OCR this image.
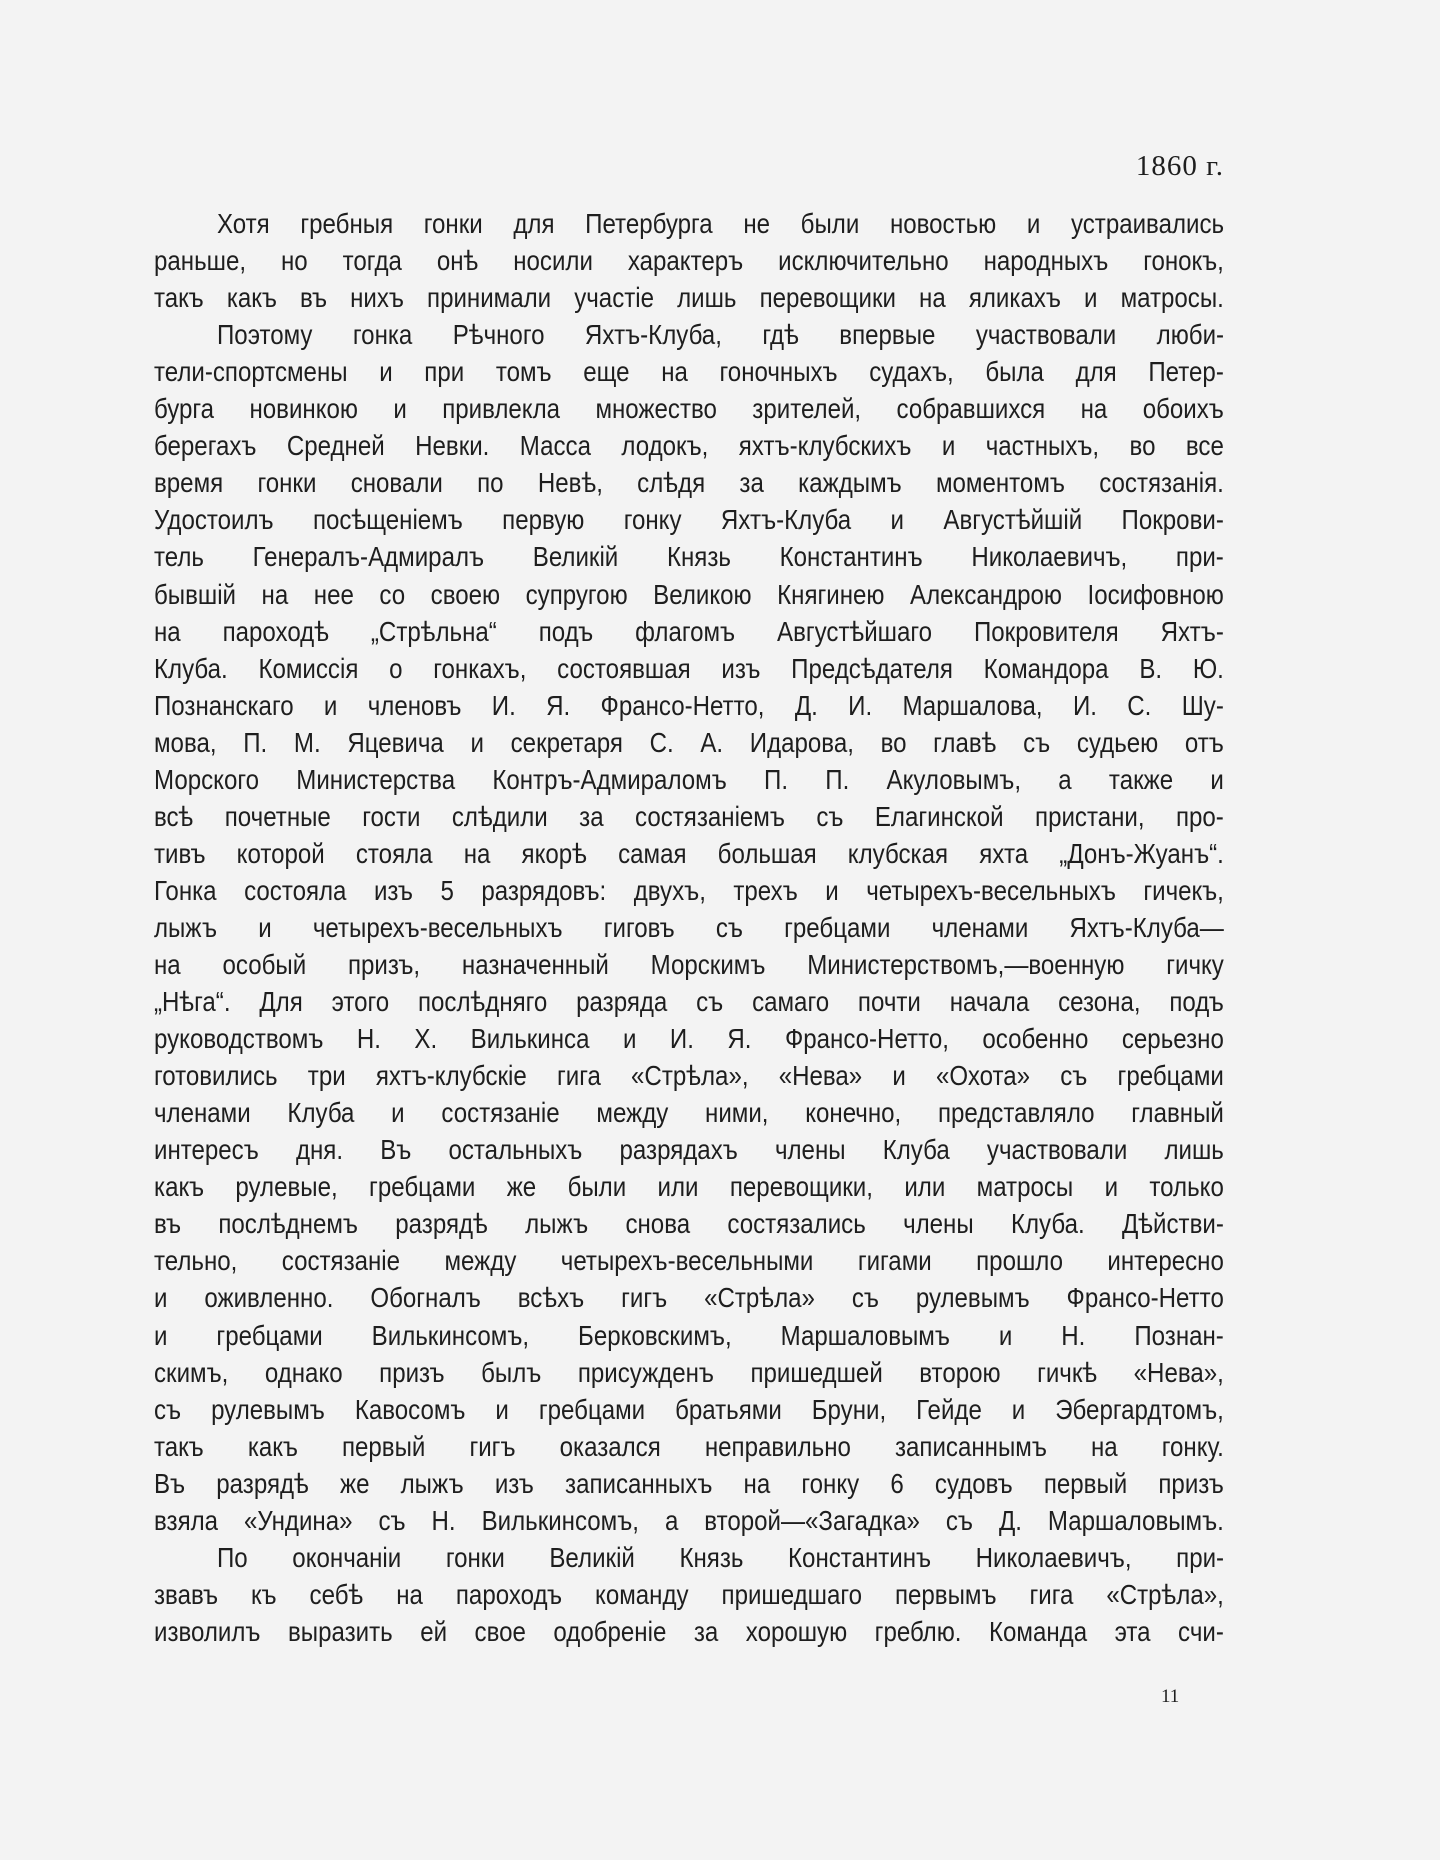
1860 г.
Хотя гребныя гонки для Петербурга не были новостью и устраивались
раньше, но тогда онѣ носили характеръ исключительно народныхъ гонокъ,
такъ какъ въ нихъ принимали участіе лишь перевощики на яликахъ и матросы.
Поэтому гонка Рѣчного Яхтъ-Клуба, гдѣ впервые участвовали люби-
тели-спортсмены и при томъ еще на гоночныхъ судахъ, была для Петер-
бурга новинкою и привлекла множество зрителей, собравшихся на обоихъ
берегахъ Средней Невки. Масса лодокъ, яхтъ-клубскихъ и частныхъ, во все
время гонки сновали по Невѣ, слѣдя за каждымъ моментомъ состязанія.
Удостоилъ посѣщеніемъ первую гонку Яхтъ-Клуба и Августѣйшій Покрови-
тель Генералъ-Адмиралъ Великій Князь Константинъ Николаевичъ, при-
бывшій на нее со своею супругою Великою Княгинею Александрою Іосифовною
на пароходѣ „Стрѣльна“ подъ флагомъ Августѣйшаго Покровителя Яхтъ-
Клуба. Комиссія о гонкахъ, состоявшая изъ Предсѣдателя Командора В. Ю.
Познанскаго и членовъ И. Я. Франсо-Нетто, Д. И. Маршалова, И. С. Шу-
мова, П. М. Яцевича и секретаря С. А. Идарова, во главѣ съ судьею отъ
Морского Министерства Контръ-Адмираломъ П. П. Акуловымъ, а также и
всѣ почетные гости слѣдили за состязаніемъ съ Елагинской пристани, про-
тивъ которой стояла на якорѣ самая большая клубская яхта „Донъ-Жуанъ“.
Гонка состояла изъ 5 разрядовъ: двухъ, трехъ и четырехъ-весельныхъ гичекъ,
лыжъ и четырехъ-весельныхъ гиговъ съ гребцами членами Яхтъ-Клуба—
на особый призъ, назначенный Морскимъ Министерствомъ,—военную гичку
„Нѣга“. Для этого послѣдняго разряда съ самаго почти начала сезона, подъ
руководствомъ Н. Х. Вилькинса и И. Я. Франсо-Нетто, особенно серьезно
готовились три яхтъ-клубскіе гига «Стрѣла», «Нева» и «Охота» съ гребцами
членами Клуба и состязаніе между ними, конечно, представляло главный
интересъ дня. Въ остальныхъ разрядахъ члены Клуба участвовали лишь
какъ рулевые, гребцами же были или перевощики, или матросы и только
въ послѣднемъ разрядѣ лыжъ снова состязались члены Клуба. Дѣйстви-
тельно, состязаніе между четырехъ-весельными гигами прошло интересно
и оживленно. Обогналъ всѣхъ гигъ «Стрѣла» съ рулевымъ Франсо-Нетто
и гребцами Вилькинсомъ, Берковскимъ, Маршаловымъ и Н. Познан-
скимъ, однако призъ былъ присужденъ пришедшей второю гичкѣ «Нева»,
съ рулевымъ Кавосомъ и гребцами братьями Бруни, Гейде и Эбергардтомъ,
такъ какъ первый гигъ оказался неправильно записаннымъ на гонку.
Въ разрядѣ же лыжъ изъ записанныхъ на гонку 6 судовъ первый призъ
взяла «Ундина» съ Н. Вилькинсомъ, а второй—«Загадка» съ Д. Маршаловымъ.
По окончаніи гонки Великій Князь Константинъ Николаевичъ, при-
звавъ къ себѣ на пароходъ команду пришедшаго первымъ гига «Стрѣла»,
изволилъ выразить ей свое одобреніе за хорошую греблю. Команда эта счи-
11
